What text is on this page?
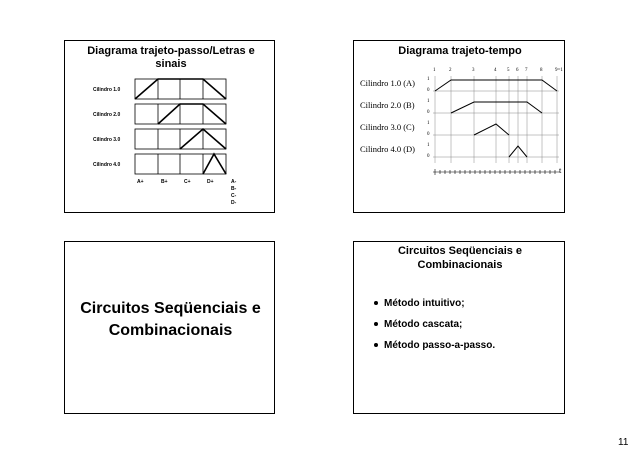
Diagrama trajeto-passo/Letras e sinais
Cilindro 1.0
Cilindro 2.0
Cilindro 3.0
Cilindro 4.0
A+	B+	C+	D+	A-
B-
C-
D-
Diagrama trajeto-tempo
1	2	3	4 5 6 7	8	9=1
Cilindro 1.0 (A)
Cilindro 2.0 (B)
Cilindro 3.0 (C)
Cilindro 4.0 (D)
1
0
1
0
1
0
1
0
t
Circuitos Seqüenciais e Combinacionais
Circuitos Seqüenciais e Combinacionais
Método intuitivo;
Método cascata;
Método passo-a-passo.
11
